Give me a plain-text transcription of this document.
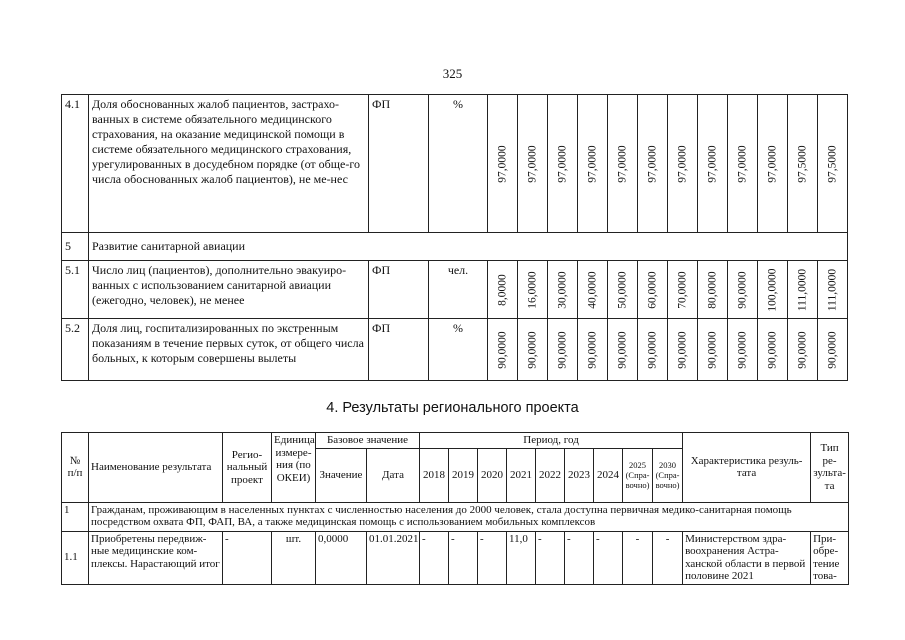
325
4.1	Доля обоснованных жалоб пациентов, застрахо-ванных в системе обязательного медицинского страхования, на оказание медицинской помощи в системе обязательного медицинского страхования, урегулированных в досудебном порядке (от обще-го числа обоснованных жалоб пациентов), не ме-нес	ФП	%	97,0000	97,0000	97,0000	97,0000	97,0000	97,0000	97,0000	97,0000	97,0000	97,0000	97,5000	97,5000

5	Развитие санитарной авиации														
5.1	Число лиц (пациентов), дополнительно эвакуиро-ванных с использованием санитарной авиации (ежегодно, человек), не менее	ФП	чел.	8,0000	16,0000	30,0000	40,0000	50,0000	60,0000	70,0000	80,0000	90,0000	100,0000	111,0000	111,0000

5.2	Доля лиц, госпитализированных по экстренным показаниям в течение первых суток, от общего числа больных, к которым совершены вылеты	ФП	%	90,0000	90,0000	90,0000	90,0000	90,0000	90,0000	90,0000	90,0000	90,0000	90,0000	90,0000	90,0000
4. Результаты регионального проекта
№ п/п	Наименование результата	Регио-нальный проект	Единица измере-ния (по ОКЕИ)	Базовое значение		Период, год									Характеристика резуль-тата	Тип ре-зульта-та
				Значение	Дата	2018	2019	2020	2021	2022	2023	2024	2025 (Спра-вочно)	2030 (Спра-вочно)		
1	Гражданам, проживающим в населенных пунктах с численностью населения до 2000 человек, стала доступна первичная медико-санитарная помощь посредством охвата ФП, ФАП, ВА, а также медицинская помощь с использованием мобильных комплексов															
1.1	Приобретены передвиж-ные медицинские ком-плексы. Нарастающий итог	-	шт.	0,0000	01.01.2021	-	-	-	11,0	-	-	-	-	-	Министерством здра-воохранения Астра-ханской области в первой половине 2021	При-обре-тение това-
